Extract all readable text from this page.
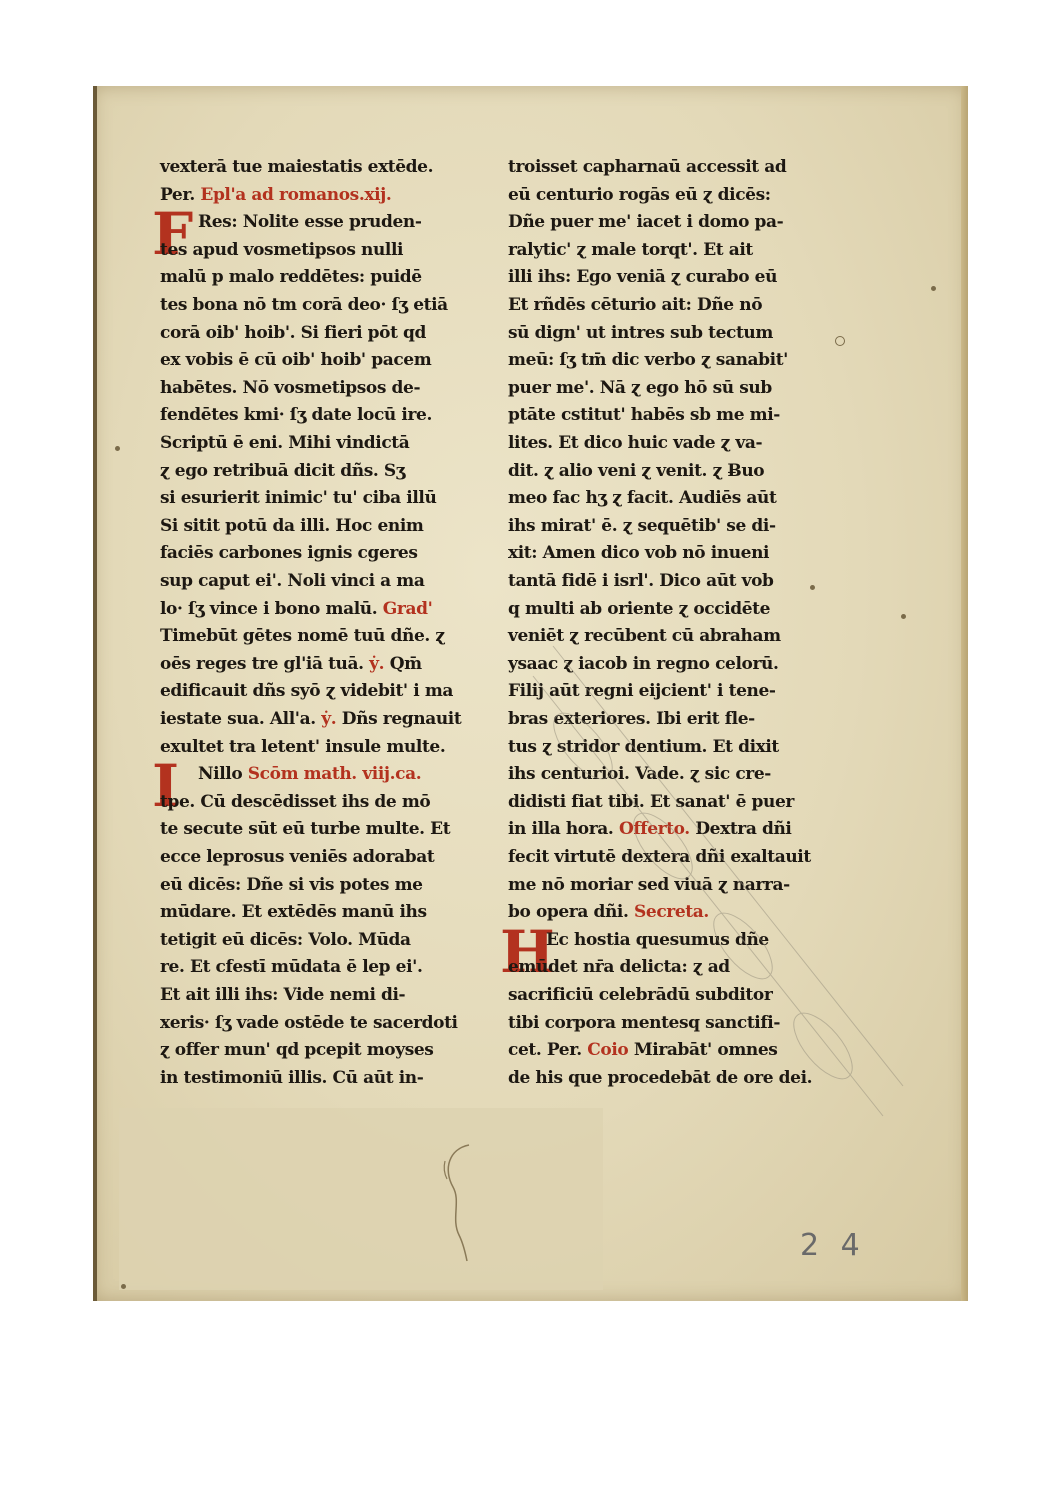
vexterā tue maiestatis extēde.
Per. Epl'a ad romanos.xij.
F Res: Nolite esse pruden-
tes apud vosmetipsos nulli
malū p malo reddētes: puidē
tes bona nō tm corā deo· ſʒ etiā
corā oib' hoib'. Si fieri pōt qd
ex vobis ē cū oib' hoib' pacem
habētes. Nō vosmetipsos de-
fendētes kmi· ſʒ date locū ire.
Scriptū ē eni. Mihi vindictā
ɀ ego retribuā dicit dñs. Sʒ
si esurierit inimic' tu' ciba illū
Si sitit potū da illi. Hoc enim
faciēs carbones ignis cgeres
sup caput ei'. Noli vinci a ma
lo· ſʒ vince i bono malū. Grad'
Timebūt gētes nomē tuū dñe. ɀ
oēs reges tre gl'iā tuā. ẏ. Qm̄
edificauit dñs syō ɀ videbit' i ma
iestate sua. All'a. ẏ. Dñs regnauit
exultet tra letent' insule multe.
I Nillo Scōm math. viij.ca.
tpe. Cū descēdisset ihs de mō
te secute sūt eū turbe multe. Et
ecce leprosus veniēs adorabat
eū dicēs: Dñe si vis potes me
mūdare. Et extēdēs manū ihs
tetigit eū dicēs: Volo. Mūda
re. Et cfestī mūdata ē lep ei'.
Et ait illi ihs: Vide nemi di-
xeris· ſʒ vade ostēde te sacerdoti
ɀ offer mun' qd pcepit moyses
in testimoniū illis. Cū aūt in-
troisset capharnaū accessit ad
eū centurio rogās eū ɀ dicēs:
Dñe puer me' iacet i domo pa-
ralytic' ɀ male torqt'. Et ait
illi ihs: Ego veniā ɀ curabo eū
Et rñdēs cēturio ait: Dñe nō
sū dign' ut intres sub tectum
meū: ſʒ tm̄ dic verbo ɀ sanabit'
puer me'. Nā ɀ ego hō sū sub
ptāte cstitut' habēs sb me mi-
lites. Et dico huic vade ɀ va-
dit. ɀ alio veni ɀ venit. ɀ Ƀuo
meo fac hʒ ɀ facit. Audiēs aūt
ihs mirat' ē. ɀ sequētib' se di-
xit: Amen dico vob nō inueni
tantā fidē i isrl'. Dico aūt vob
q multi ab oriente ɀ occidēte
veniēt ɀ recūbent cū abraham
ysaac ɀ iacob in regno celorū.
Filij aūt regni eijcient' i tene-
bras exteriores. Ibi erit fle-
tus ɀ stridor dentium. Et dixit
ihs centurioi. Vade. ɀ sic cre-
didisti fiat tibi. Et sanat' ē puer
in illa hora. Offerto. Dextra dñi
fecit virtutē dextera dñi exaltauit
me nō moriar sed viuā ɀ narra-
bo opera dñi. Secreta.
H
Ec hostia quesumus dñe
emūdet nr̄a delicta: ɀ ad
sacrificiū celebrādū subditor
tibi corpora mentesq sanctifi-
cet. Per. Coio Mirabāt' omnes
de his que procedebāt de ore dei.
2 4
